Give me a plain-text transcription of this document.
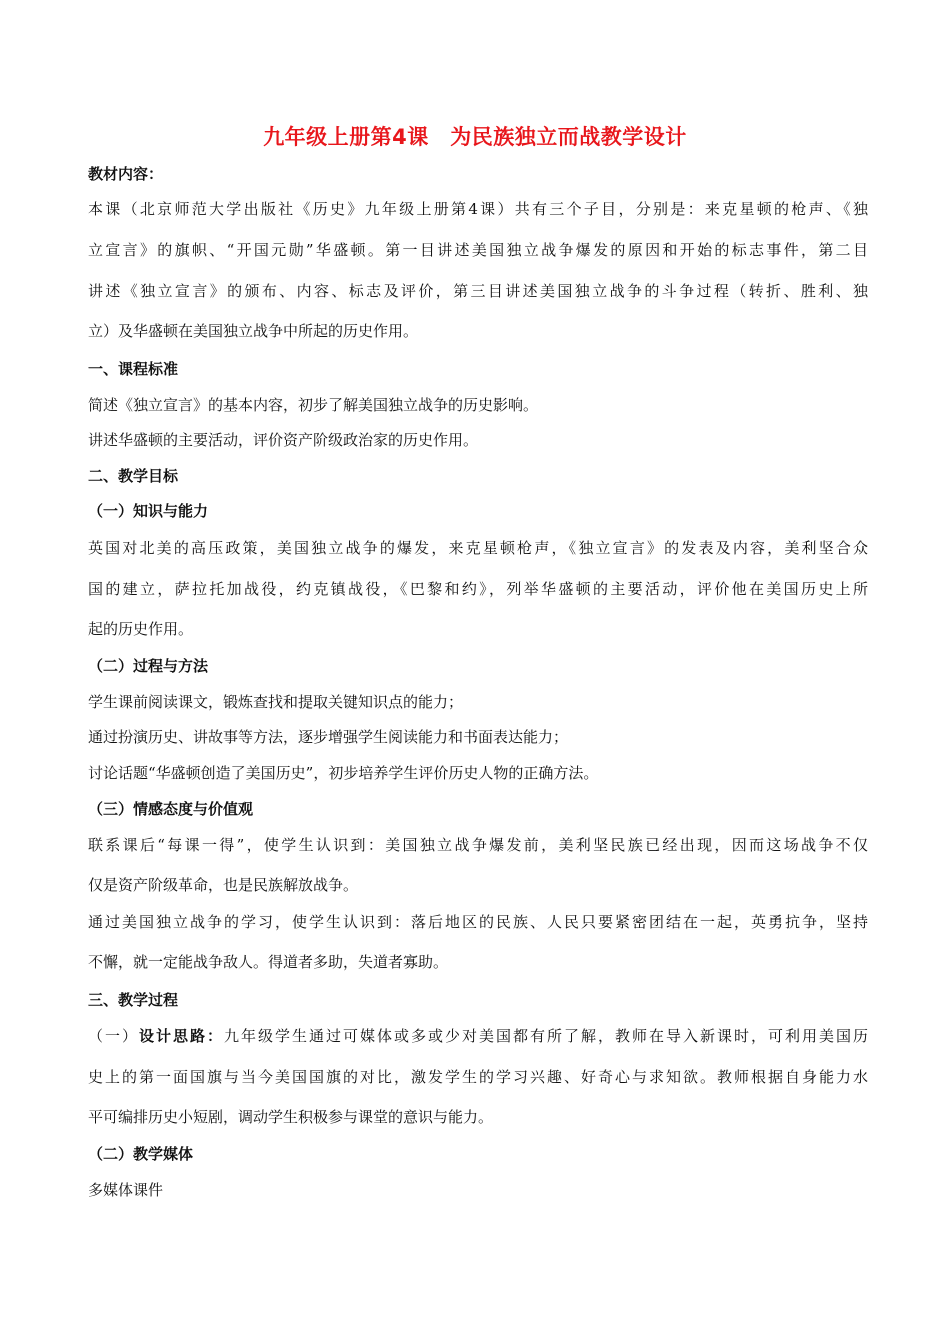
九年级上册第4课　为民族独立而战教学设计
教材内容：
本课（北京师范大学出版社《历史》九年级上册第4课）共有三个子目，分别是：来克星顿的枪声、《独
立宣言》的旗帜、“开国元勋”华盛顿。第一目讲述美国独立战争爆发的原因和开始的标志事件，第二目
讲述《独立宣言》的颁布、内容、标志及评价，第三目讲述美国独立战争的斗争过程（转折、胜利、独
立）及华盛顿在美国独立战争中所起的历史作用。
一、课程标准
简述《独立宣言》的基本内容，初步了解美国独立战争的历史影响。
讲述华盛顿的主要活动，评价资产阶级政治家的历史作用。
二、教学目标
（一）知识与能力
英国对北美的高压政策，美国独立战争的爆发，来克星顿枪声，《独立宣言》的发表及内容，美利坚合众
国的建立，萨拉托加战役，约克镇战役，《巴黎和约》，列举华盛顿的主要活动，评价他在美国历史上所
起的历史作用。
（二）过程与方法
学生课前阅读课文，锻炼查找和提取关键知识点的能力；
通过扮演历史、讲故事等方法，逐步增强学生阅读能力和书面表达能力；
讨论话题“华盛顿创造了美国历史”，初步培养学生评价历史人物的正确方法。
（三）情感态度与价值观
联系课后“每课一得”，使学生认识到：美国独立战争爆发前，美利坚民族已经出现，因而这场战争不仅
仅是资产阶级革命，也是民族解放战争。
通过美国独立战争的学习，使学生认识到：落后地区的民族、人民只要紧密团结在一起，英勇抗争，坚持
不懈，就一定能战争敌人。得道者多助，失道者寡助。
三、教学过程
（一）设计思路：九年级学生通过可媒体或多或少对美国都有所了解，教师在导入新课时，可利用美国历
史上的第一面国旗与当今美国国旗的对比，激发学生的学习兴趣、好奇心与求知欲。教师根据自身能力水
平可编排历史小短剧，调动学生积极参与课堂的意识与能力。
（二）教学媒体
多媒体课件
